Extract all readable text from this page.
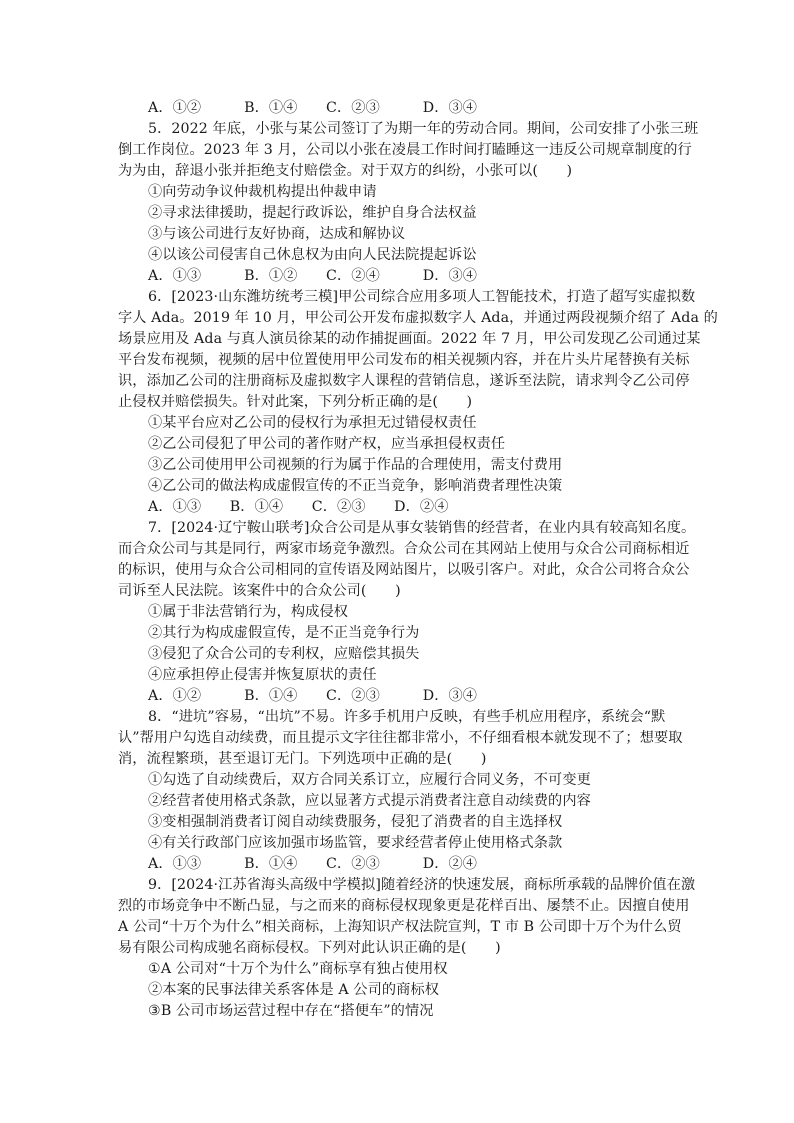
A．①②　　　B．①④　　C．②③　　　D．③④
5．2022 年底，小张与某公司签订了为期一年的劳动合同。期间，公司安排了小张三班
倒工作岗位。2023 年 3 月，公司以小张在凌晨工作时间打瞌睡这一违反公司规章制度的行
为为由，辞退小张并拒绝支付赔偿金。对于双方的纠纷，小张可以(　　)
①向劳动争议仲裁机构提出仲裁申请
②寻求法律援助，提起行政诉讼，维护自身合法权益
③与该公司进行友好协商，达成和解协议
④以该公司侵害自己休息权为由向人民法院提起诉讼
A．①③　　　B．①②　　C．②④　　　D．③④
6．[2023·山东潍坊统考三模]甲公司综合应用多项人工智能技术，打造了超写实虚拟数
字人 Ada。2019 年 10 月，甲公司公开发布虚拟数字人 Ada，并通过两段视频介绍了 Ada 的
场景应用及 Ada 与真人演员徐某的动作捕捉画面。2022 年 7 月，甲公司发现乙公司通过某
平台发布视频，视频的居中位置使用甲公司发布的相关视频内容，并在片头片尾替换有关标
识，添加乙公司的注册商标及虚拟数字人课程的营销信息，遂诉至法院，请求判令乙公司停
止侵权并赔偿损失。针对此案，下列分析正确的是(　　)
①某平台应对乙公司的侵权行为承担无过错侵权责任
②乙公司侵犯了甲公司的著作财产权，应当承担侵权责任
③乙公司使用甲公司视频的行为属于作品的合理使用，需支付费用
④乙公司的做法构成虚假宣传的不正当竞争，影响消费者理性决策
A．①③　　B．①④　　C．②③　　D．②④
7．[2024·辽宁鞍山联考]众合公司是从事女装销售的经营者，在业内具有较高知名度。
而合众公司与其是同行，两家市场竞争激烈。合众公司在其网站上使用与众合公司商标相近
的标识，使用与众合公司相同的宣传语及网站图片，以吸引客户。对此，众合公司将合众公
司诉至人民法院。该案件中的合众公司(　　)
①属于非法营销行为，构成侵权
②其行为构成虚假宣传，是不正当竞争行为
③侵犯了众合公司的专利权，应赔偿其损失
④应承担停止侵害并恢复原状的责任
A．①②　　　B．①④　　C．②③　　　D．③④
8．“进坑”容易，“出坑”不易。许多手机用户反映，有些手机应用程序，系统会“默
认”帮用户勾选自动续费，而且提示文字往往都非常小，不仔细看根本就发现不了；想要取
消，流程繁琐，甚至退订无门。下列选项中正确的是(　　)
①勾选了自动续费后，双方合同关系订立，应履行合同义务，不可变更
②经营者使用格式条款，应以显著方式提示消费者注意自动续费的内容
③变相强制消费者订阅自动续费服务，侵犯了消费者的自主选择权
④有关行政部门应该加强市场监管，要求经营者停止使用格式条款
A．①③　　　B．①④　　C．②③　　　D．②④
9．[2024·江苏省海头高级中学模拟]随着经济的快速发展，商标所承载的品牌价值在激
烈的市场竞争中不断凸显，与之而来的商标侵权现象更是花样百出、屡禁不止。因擅自使用
A 公司“十万个为什么”相关商标，上海知识产权法院宣判，T 市 B 公司即十万个为什么贸
易有限公司构成驰名商标侵权。下列对此认识正确的是(　　)
①A 公司对“十万个为什么”商标享有独占使用权
②本案的民事法律关系客体是 A 公司的商标权
③B 公司市场运营过程中存在“搭便车”的情况
